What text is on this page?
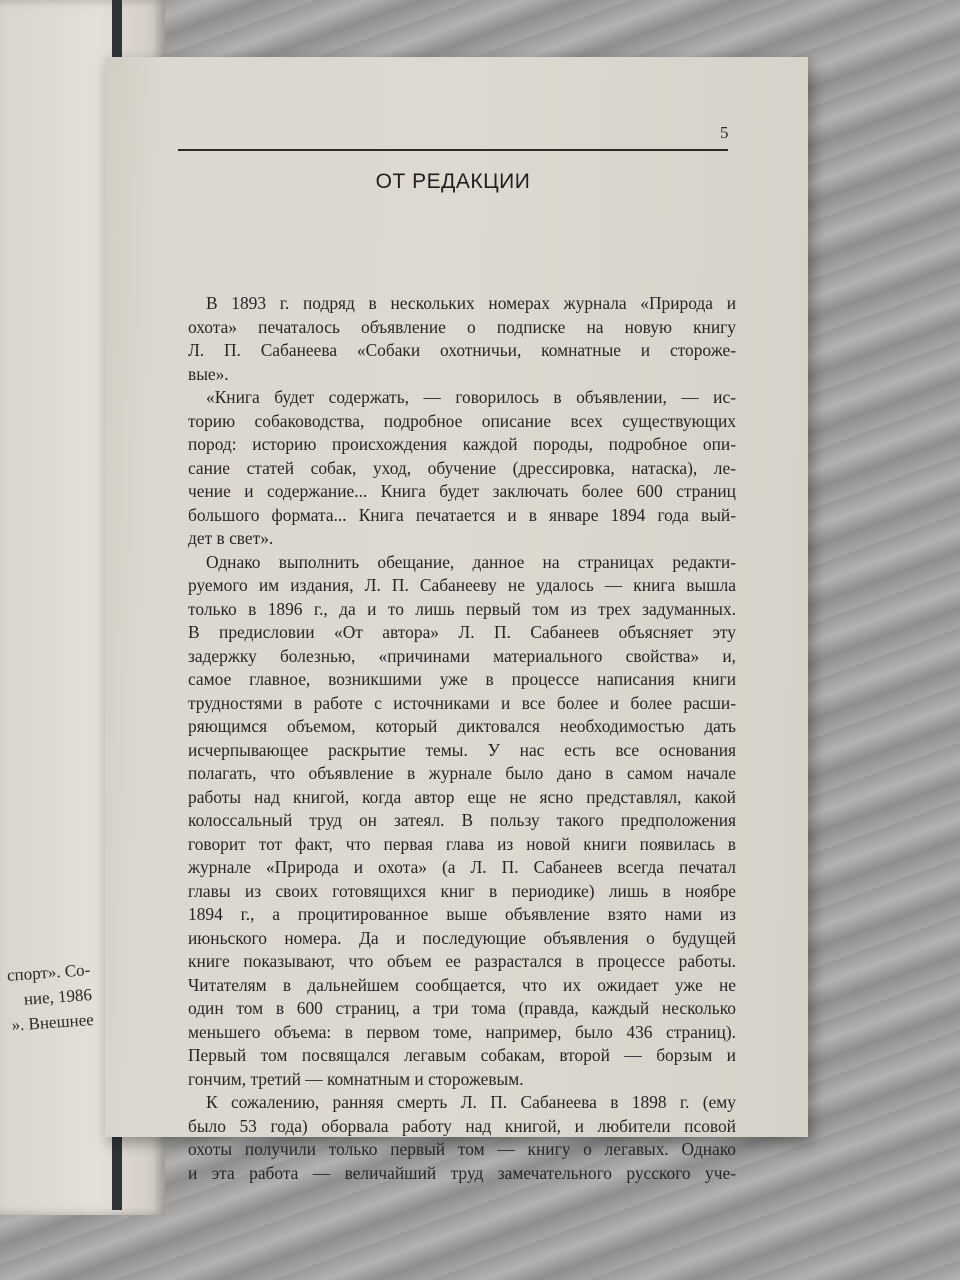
спорт». Со-
ние, 1986
». Внешнее
5
ОТ РЕДАКЦИИ
В 1893 г. подряд в нескольких номерах журнала «Природа и
охота» печаталось объявление о подписке на новую книгу
Л. П. Сабанеева «Собаки охотничьи, комнатные и стороже-
вые».
«Книга будет содержать, — говорилось в объявлении, — ис-
торию собаководства, подробное описание всех существующих
пород: историю происхождения каждой породы, подробное опи-
сание статей собак, уход, обучение (дрессировка, натаска), ле-
чение и содержание... Книга будет заключать более 600 страниц
большого формата... Книга печатается и в январе 1894 года вый-
дет в свет».
Однако выполнить обещание, данное на страницах редакти-
руемого им издания, Л. П. Сабанееву не удалось — книга вышла
только в 1896 г., да и то лишь первый том из трех задуманных.
В предисловии «От автора» Л. П. Сабанеев объясняет эту
задержку болезнью, «причинами материального свойства» и,
самое главное, возникшими уже в процессе написания книги
трудностями в работе с источниками и все более и более расши-
ряющимся объемом, который диктовался необходимостью дать
исчерпывающее раскрытие темы. У нас есть все основания
полагать, что объявление в журнале было дано в самом начале
работы над книгой, когда автор еще не ясно представлял, какой
колоссальный труд он затеял. В пользу такого предположения
говорит тот факт, что первая глава из новой книги появилась в
журнале «Природа и охота» (а Л. П. Сабанеев всегда печатал
главы из своих готовящихся книг в периодике) лишь в ноябре
1894 г., а процитированное выше объявление взято нами из
июньского номера. Да и последующие объявления о будущей
книге показывают, что объем ее разрастался в процессе работы.
Читателям в дальнейшем сообщается, что их ожидает уже не
один том в 600 страниц, а три тома (правда, каждый несколько
меньшего объема: в первом томе, например, было 436 страниц).
Первый том посвящался легавым собакам, второй — борзым и
гончим, третий — комнатным и сторожевым.
К сожалению, ранняя смерть Л. П. Сабанеева в 1898 г. (ему
было 53 года) оборвала работу над книгой, и любители псовой
охоты получили только первый том — книгу о легавых. Однако
и эта работа — величайший труд замечательного русского уче-
